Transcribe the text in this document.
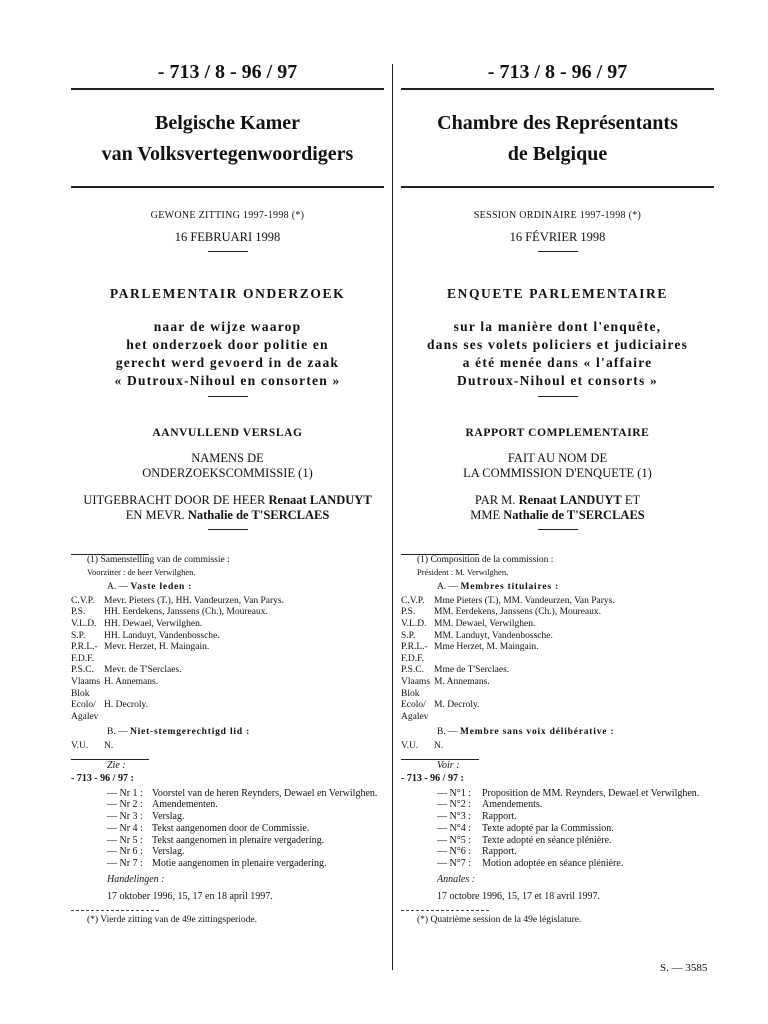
- 713 / 8 - 96 / 97
Belgische Kamer
van Volksvertegenwoordigers
GEWONE ZITTING 1997-1998 (*)
16 FEBRUARI 1998
PARLEMENTAIR ONDERZOEK
naar de wijze waarop
het onderzoek door politie en
gerecht werd gevoerd in de zaak
« Dutroux-Nihoul en consorten »
AANVULLEND VERSLAG
NAMENS DE
ONDERZOEKSCOMMISSIE (1)
UITGEBRACHT DOOR DE HEER Renaat LANDUYT
EN MEVR. Nathalie de T'SERCLAES
(1) Samenstelling van de commissie :
Voorzitter : de heer Verwilghen.
A. — Vaste leden :
C.V.P.	Mevr. Pieters (T.), HH. Vandeurzen, Van Parys.
P.S.	HH. Eerdekens, Janssens (Ch.), Moureaux.
V.L.D. HH. Dewael, Verwilghen.
S.P.	HH. Landuyt, Vandenbossche.
P.R.L.- Mevr. Herzet, H. Maingain.
F.D.F.
P.S.C.	Mevr. de T'Serclaes.
Vlaams H. Annemans.
Blok
Ecolo/ H. Decroly.
Agalev
B. — Niet-stemgerechtigd lid :
V.U.	N.
Zie :
- 713 - 96 / 97 :
— Nr 1 : Voorstel van de heren Reynders, Dewael en Verwilghen.
— Nr 2 : Amendementen.
— Nr 3 : Verslag.
— Nr 4 : Tekst aangenomen door de Commissie.
— Nr 5 : Tekst aangenomen in plenaire vergadering.
— Nr 6 : Verslag.
— Nr 7 : Motie aangenomen in plenaire vergadering.
Handelingen :
17 oktober 1996, 15, 17 en 18 april 1997.
(*) Vierde zitting van de 49e zittingsperiode.
- 713 / 8 - 96 / 97
Chambre des Représentants
de Belgique
SESSION ORDINAIRE 1997-1998 (*)
16 FÉVRIER 1998
ENQUETE PARLEMENTAIRE
sur la manière dont l'enquête,
dans ses volets policiers et judiciaires
a été menée dans « l'affaire
Dutroux-Nihoul et consorts »
RAPPORT COMPLEMENTAIRE
FAIT AU NOM DE
LA COMMISSION D'ENQUETE (1)
PAR M. Renaat LANDUYT ET
MME Nathalie de T'SERCLAES
(1) Composition de la commission :
Président : M. Verwilghen.
A. — Membres titulaires :
C.V.P.	Mme Pieters (T.), MM. Vandeurzen, Van Parys.
P.S.	MM. Eerdekens, Janssens (Ch.), Moureaux.
V.L.D. MM. Dewael, Verwilghen.
S.P.	MM. Landuyt, Vandenbossche.
P.R.L.- Mme Herzet, M. Maingain.
F.D.F.
P.S.C.	Mme de T'Serclaes.
Vlaams M. Annemans.
Blok
Ecolo/ M. Decroly.
Agalev
B. — Membre sans voix délibérative :
V.U.	N.
Voir :
- 713 - 96 / 97 :
— N°1 :	Proposition de MM. Reynders, Dewael et Verwilghen.
— N°2 :	Amendements.
— N°3 :	Rapport.
— N°4 :	Texte adopté par la Commission.
— N°5 :	Texte adopté en séance plénière.
— N°6 :	Rapport.
— N°7 :	Motion adoptée en séance plénière.
Annales :
17 octobre 1996, 15, 17 et 18 avril 1997.
(*) Quatrième session de la 49e législature.
S. — 3585
